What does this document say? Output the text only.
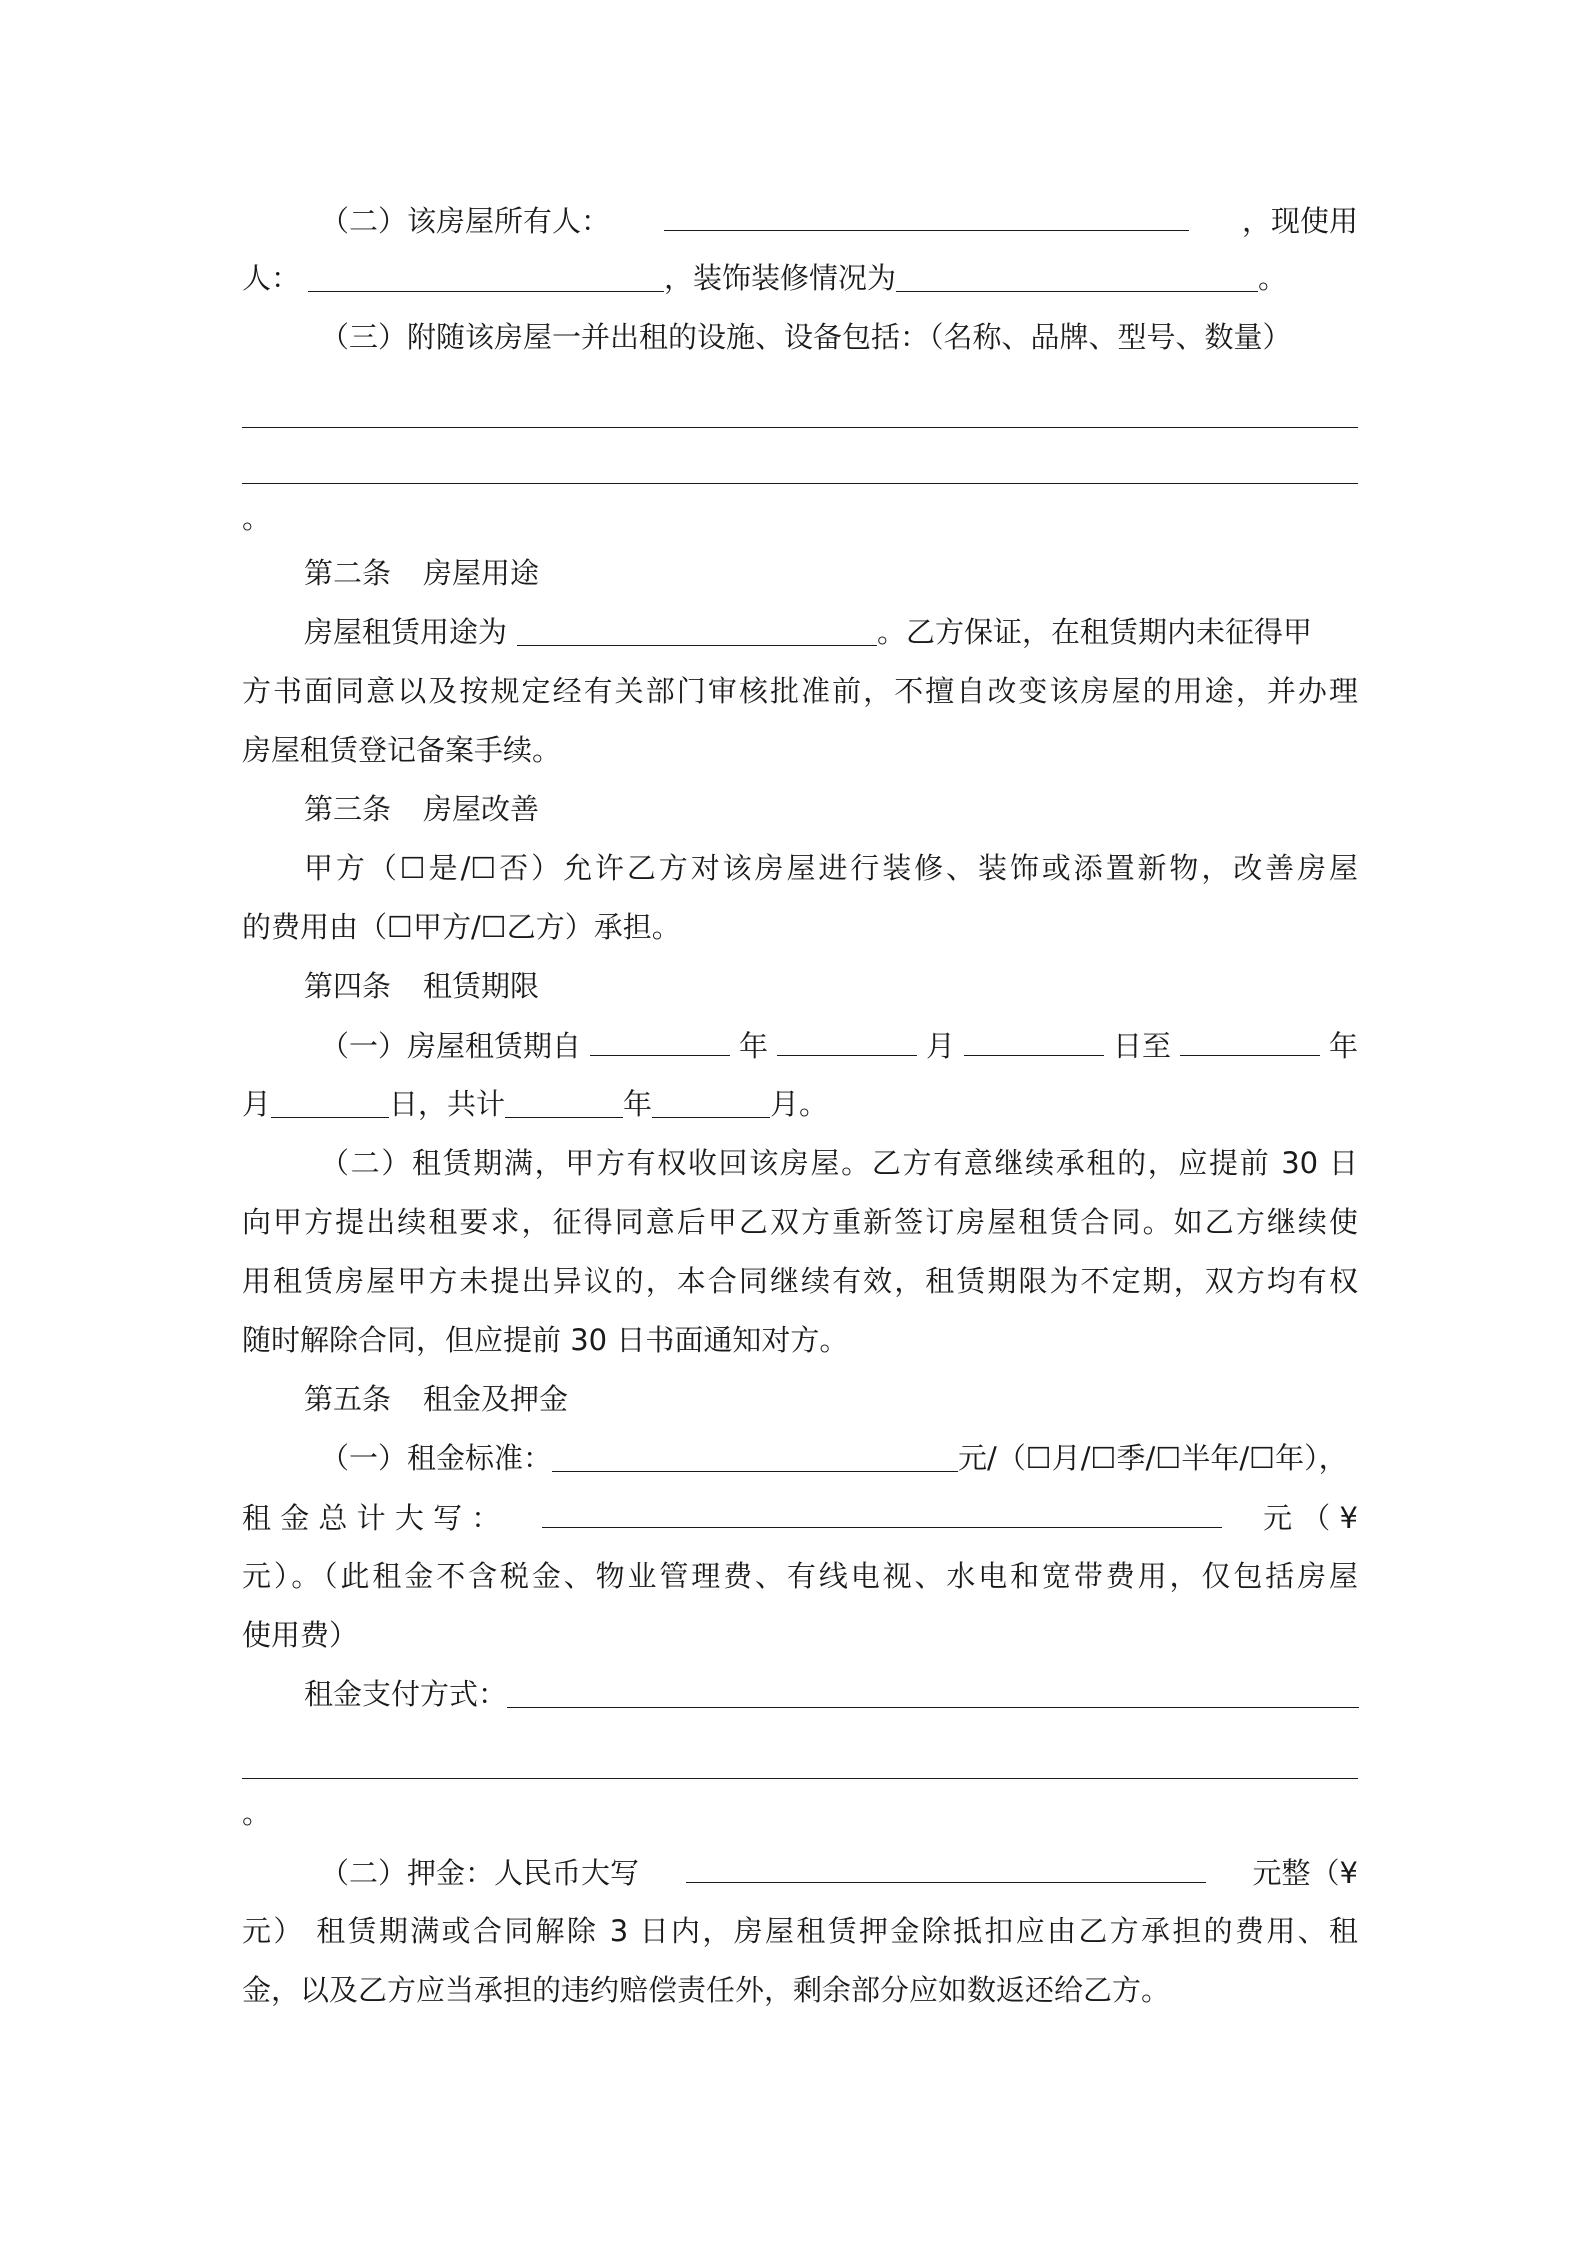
（二）该房屋所有人：	，现使用
人：	，装饰装修情况为	。
（三）附随该房屋一并出租的设施、设备包括：（名称、品牌、型号、数量）
。
第二条 房屋用途
房屋租赁用途为	。乙方保证，在租赁期内未征得甲
方书面同意以及按规定经有关部门审核批准前，不擅自改变该房屋的用途，并办理
房屋租赁登记备案手续。
第三条 房屋改善
甲方（☐是/☐否）允许乙方对该房屋进行装修、装饰或添置新物，改善房屋
的费用由（☐甲方/☐乙方）承担。
第四条 租赁期限
（一）房屋租赁期自	年	月	日至	年
月	日，共计	年	月。
（二）租赁期满，甲方有权收回该房屋。乙方有意继续承租的，应提前 30 日
向甲方提出续租要求，征得同意后甲乙双方重新签订房屋租赁合同。如乙方继续使
用租赁房屋甲方未提出异议的，本合同继续有效，租赁期限为不定期，双方均有权
随时解除合同，但应提前 30 日书面通知对方。
第五条 租金及押金
（一）租金标准：	元/（☐月/☐季/☐半年/☐年），
租 金 总 计 大 写 ：	元 （ ¥
元）。（此租金不含税金、物业管理费、有线电视、水电和宽带费用，仅包括房屋
使用费）
租金支付方式：
。
（二）押金：人民币大写	元整（¥
元） 租赁期满或合同解除 3 日内，房屋租赁押金除抵扣应由乙方承担的费用、租
金，以及乙方应当承担的违约赔偿责任外，剩余部分应如数返还给乙方。
